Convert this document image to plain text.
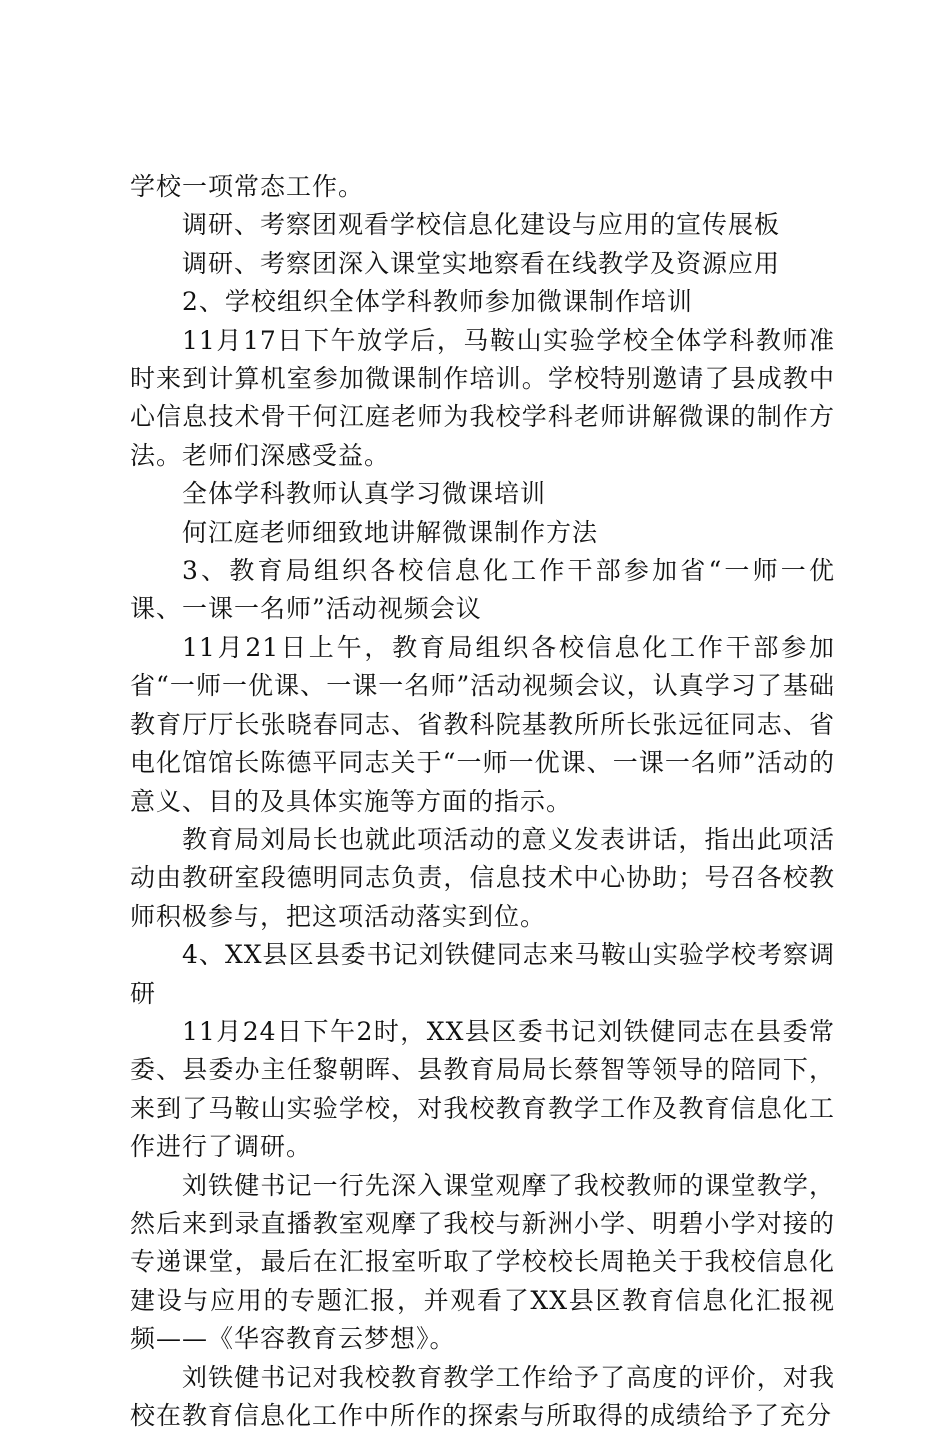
学校一项常态工作。

调研、考察团观看学校信息化建设与应用的宣传展板

调研、考察团深入课堂实地察看在线教学及资源应用

2、学校组织全体学科教师参加微课制作培训

11月17日下午放学后，马鞍山实验学校全体学科教师准时来到计算机室参加微课制作培训。学校特别邀请了县成教中心信息技术骨干何江庭老师为我校学科老师讲解微课的制作方法。老师们深感受益。

全体学科教师认真学习微课培训

何江庭老师细致地讲解微课制作方法

3、教育局组织各校信息化工作干部参加省“一师一优课、一课一名师”活动视频会议

11月21日上午，教育局组织各校信息化工作干部参加省“一师一优课、一课一名师”活动视频会议，认真学习了基础教育厅厅长张晓春同志、省教科院基教所所长张远征同志、省电化馆馆长陈德平同志关于“一师一优课、一课一名师”活动的意义、目的及具体实施等方面的指示。

教育局刘局长也就此项活动的意义发表讲话，指出此项活动由教研室段德明同志负责，信息技术中心协助；号召各校教师积极参与，把这项活动落实到位。

4、XX县区县委书记刘铁健同志来马鞍山实验学校考察调研

11月24日下午2时，XX县区委书记刘铁健同志在县委常委、县委办主任黎朝晖、县教育局局长蔡智等领导的陪同下，来到了马鞍山实验学校，对我校教育教学工作及教育信息化工作进行了调研。

刘铁健书记一行先深入课堂观摩了我校教师的课堂教学，然后来到录直播教室观摩了我校与新洲小学、明碧小学对接的专递课堂，最后在汇报室听取了学校校长周艳关于我校信息化建设与应用的专题汇报，并观看了XX县区教育信息化汇报视频——《华容教育云梦想》。

刘铁健书记对我校教育教学工作给予了高度的评价，对我校在教育信息化工作中所作的探索与所取得的成绩给予了充分
